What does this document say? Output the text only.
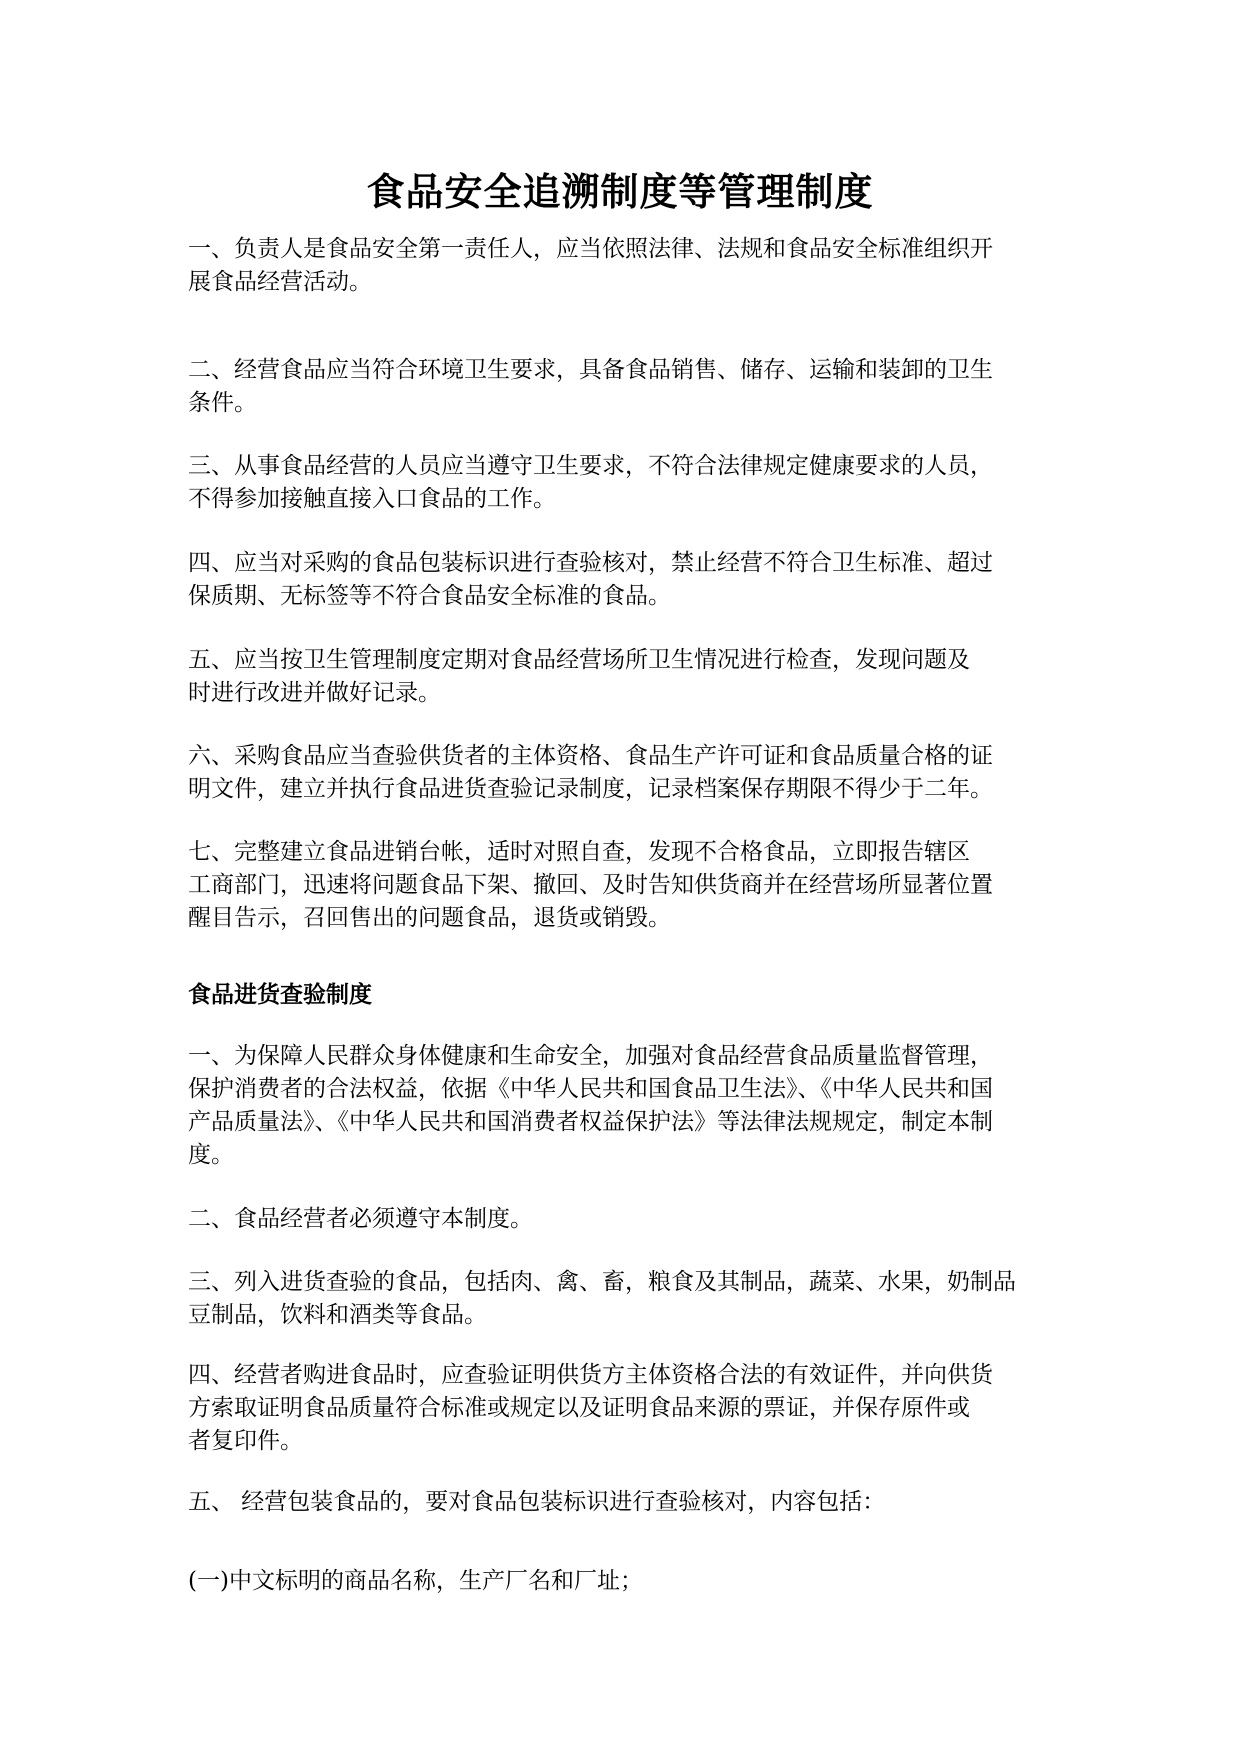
食品安全追溯制度等管理制度
一、负责人是食品安全第一责任人，应当依照法律、法规和食品安全标准组织开
展食品经营活动。
二、经营食品应当符合环境卫生要求，具备食品销售、储存、运输和装卸的卫生
条件。
三、从事食品经营的人员应当遵守卫生要求，不符合法律规定健康要求的人员，
不得参加接触直接入口食品的工作。
四、应当对采购的食品包装标识进行查验核对，禁止经营不符合卫生标准、超过
保质期、无标签等不符合食品安全标准的食品。
五、应当按卫生管理制度定期对食品经营场所卫生情况进行检查，发现问题及
时进行改进并做好记录。
六、采购食品应当查验供货者的主体资格、食品生产许可证和食品质量合格的证
明文件，建立并执行食品进货查验记录制度，记录档案保存期限不得少于二年。
七、完整建立食品进销台帐，适时对照自查，发现不合格食品，立即报告辖区
工商部门，迅速将问题食品下架、撤回、及时告知供货商并在经营场所显著位置
醒目告示，召回售出的问题食品，退货或销毁。
食品进货查验制度
一、为保障人民群众身体健康和生命安全，加强对食品经营食品质量监督管理，
保护消费者的合法权益，依据《中华人民共和国食品卫生法》、《中华人民共和国
产品质量法》、《中华人民共和国消费者权益保护法》等法律法规规定，制定本制
度。
二、食品经营者必须遵守本制度。
三、列入进货查验的食品，包括肉、禽、畜，粮食及其制品，蔬菜、水果，奶制品
豆制品，饮料和酒类等食品。
四、经营者购进食品时，应查验证明供货方主体资格合法的有效证件，并向供货
方索取证明食品质量符合标准或规定以及证明食品来源的票证，并保存原件或
者复印件。
五、 经营包装食品的，要对食品包装标识进行查验核对，内容包括：
(一)中文标明的商品名称，生产厂名和厂址；
